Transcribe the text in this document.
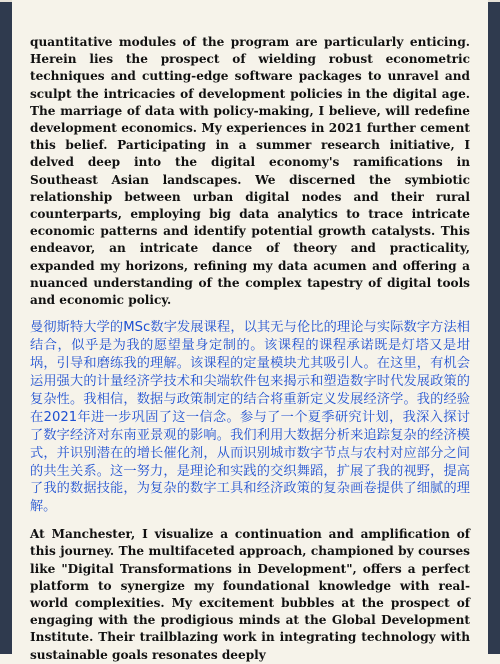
quantitative modules of the program are particularly enticing. Herein lies the prospect of wielding robust econometric techniques and cutting-edge software packages to unravel and sculpt the intricacies of development policies in the digital age. The marriage of data with policy-making, I believe, will redefine development economics. My experiences in 2021 further cement this belief. Participating in a summer research initiative, I delved deep into the digital economy's ramifications in Southeast Asian landscapes. We discerned the symbiotic relationship between urban digital nodes and their rural counterparts, employing big data analytics to trace intricate economic patterns and identify potential growth catalysts. This endeavor, an intricate dance of theory and practicality, expanded my horizons, refining my data acumen and offering a nuanced understanding of the complex tapestry of digital tools and economic policy.

曼彻斯特大学的MSc数字发展课程，以其无与伦比的理论与实际数字方法相结合，似乎是为我的愿望量身定制的。该课程的课程承诺既是灯塔又是坩埚，引导和磨练我的理解。该课程的定量模块尤其吸引人。在这里，有机会运用强大的计量经济学技术和尖端软件包来揭示和塑造数字时代发展政策的复杂性。我相信，数据与政策制定的结合将重新定义发展经济学。我的经验在2021年进一步巩固了这一信念。参与了一个夏季研究计划，我深入探讨了数字经济对东南亚景观的影响。我们利用大数据分析来追踪复杂的经济模式，并识别潜在的增长催化剂，从而识别城市数字节点与农村对应部分之间的共生关系。这一努力，是理论和实践的交织舞蹈，扩展了我的视野，提高了我的数据技能，为复杂的数字工具和经济政策的复杂画卷提供了细腻的理解。

At Manchester, I visualize a continuation and amplification of this journey. The multifaceted approach, championed by courses like "Digital Transformations in Development", offers a perfect platform to synergize my foundational knowledge with real-world complexities. My excitement bubbles at the prospect of engaging with the prodigious minds at the Global Development Institute. Their trailblazing work in integrating technology with sustainable goals resonates deeply
